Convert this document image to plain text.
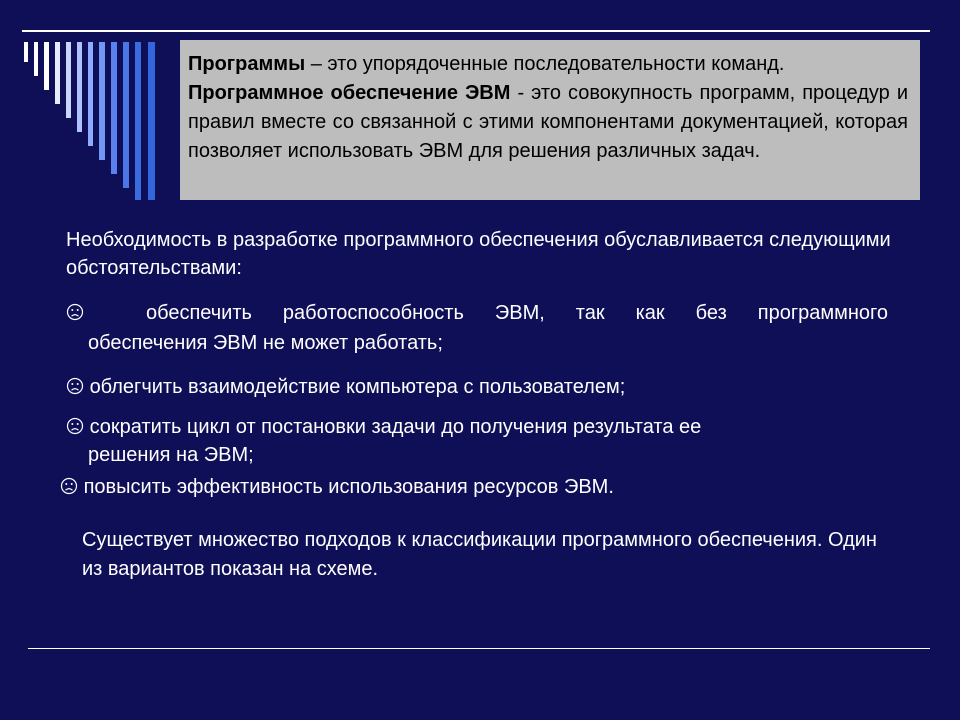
Программы – это упорядоченные последовательности команд.

Программное обеспечение ЭВМ - это совокупность программ, процедур и правил вместе со связанной с этими компонентами документацией, которая позволяет использовать ЭВМ для решения различных задач.

Необходимость в разработке программного обеспечения обуславливается следующими обстоятельствами:

обеспечить работоспособность ЭВМ, так как без программного

обеспечения ЭВМ не может работать;

облегчить взаимодействие компьютера с пользователем;

сократить цикл от постановки задачи до получения результата ее

решения на ЭВМ;

повысить эффективность использования ресурсов ЭВМ.

Существует множество подходов к классификации программного обеспечения. Один из вариантов показан на схеме.
